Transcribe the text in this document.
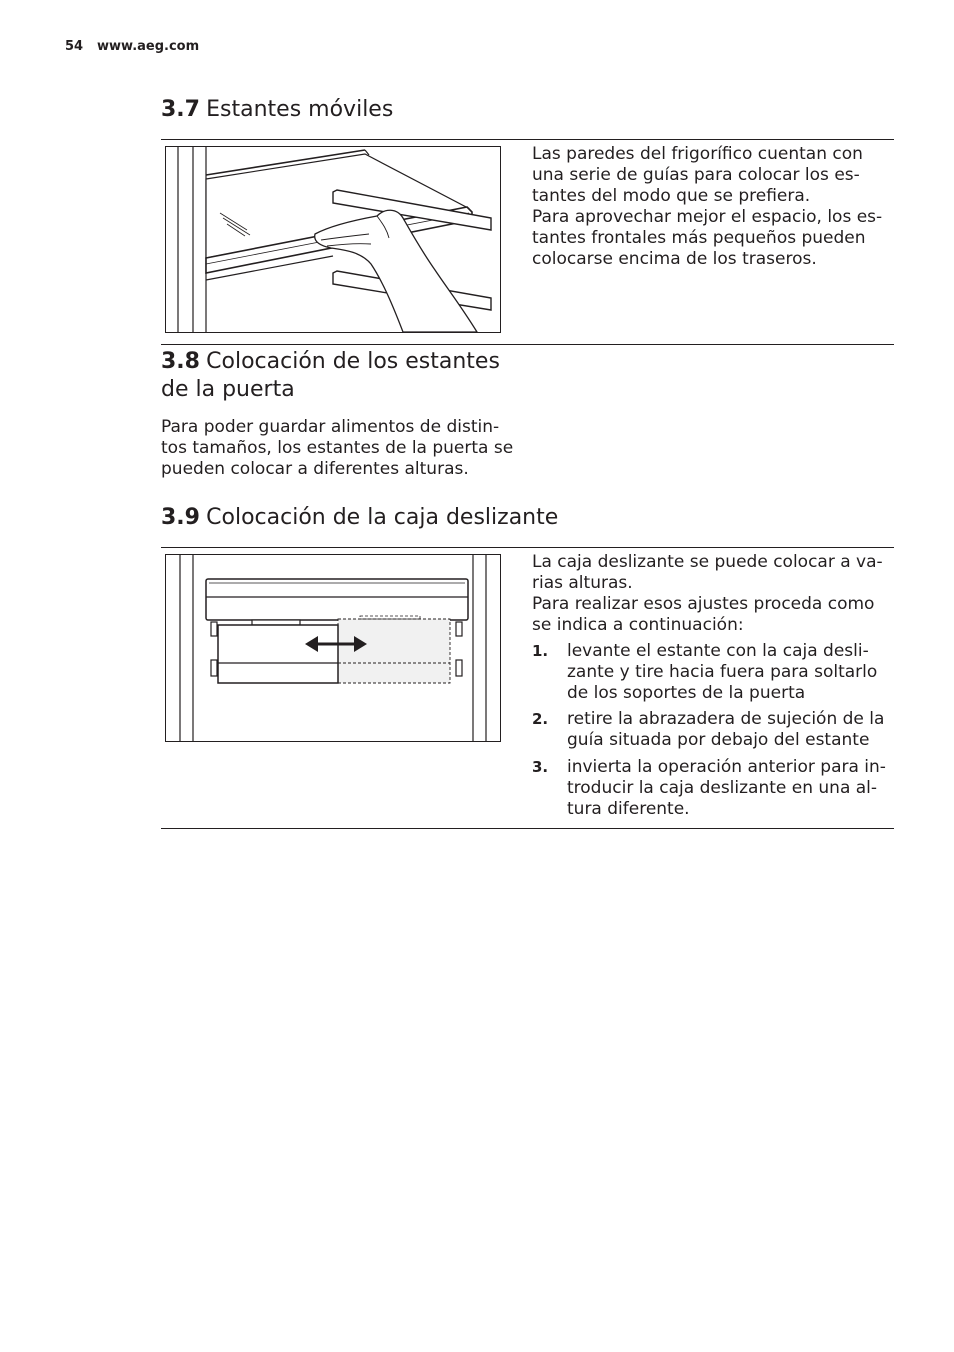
54 www.aeg.com
3.7 Estantes móviles
Las paredes del frigorífico cuentan con
una serie de guías para colocar los es-
tantes del modo que se prefiera.
Para aprovechar mejor el espacio, los es-
tantes frontales más pequeños pueden
colocarse encima de los traseros.
3.8 Colocación de los estantes
de la puerta
Para poder guardar alimentos de distin-
tos tamaños, los estantes de la puerta se
pueden colocar a diferentes alturas.
3.9 Colocación de la caja deslizante
La caja deslizante se puede colocar a va-
rias alturas.
Para realizar esos ajustes proceda como
se indica a continuación:
1. levante el estante con la caja desli-
zante y tire hacia fuera para soltarlo
de los soportes de la puerta
2. retire la abrazadera de sujeción de la
guía situada por debajo del estante
3. invierta la operación anterior para in-
troducir la caja deslizante en una al-
tura diferente.
